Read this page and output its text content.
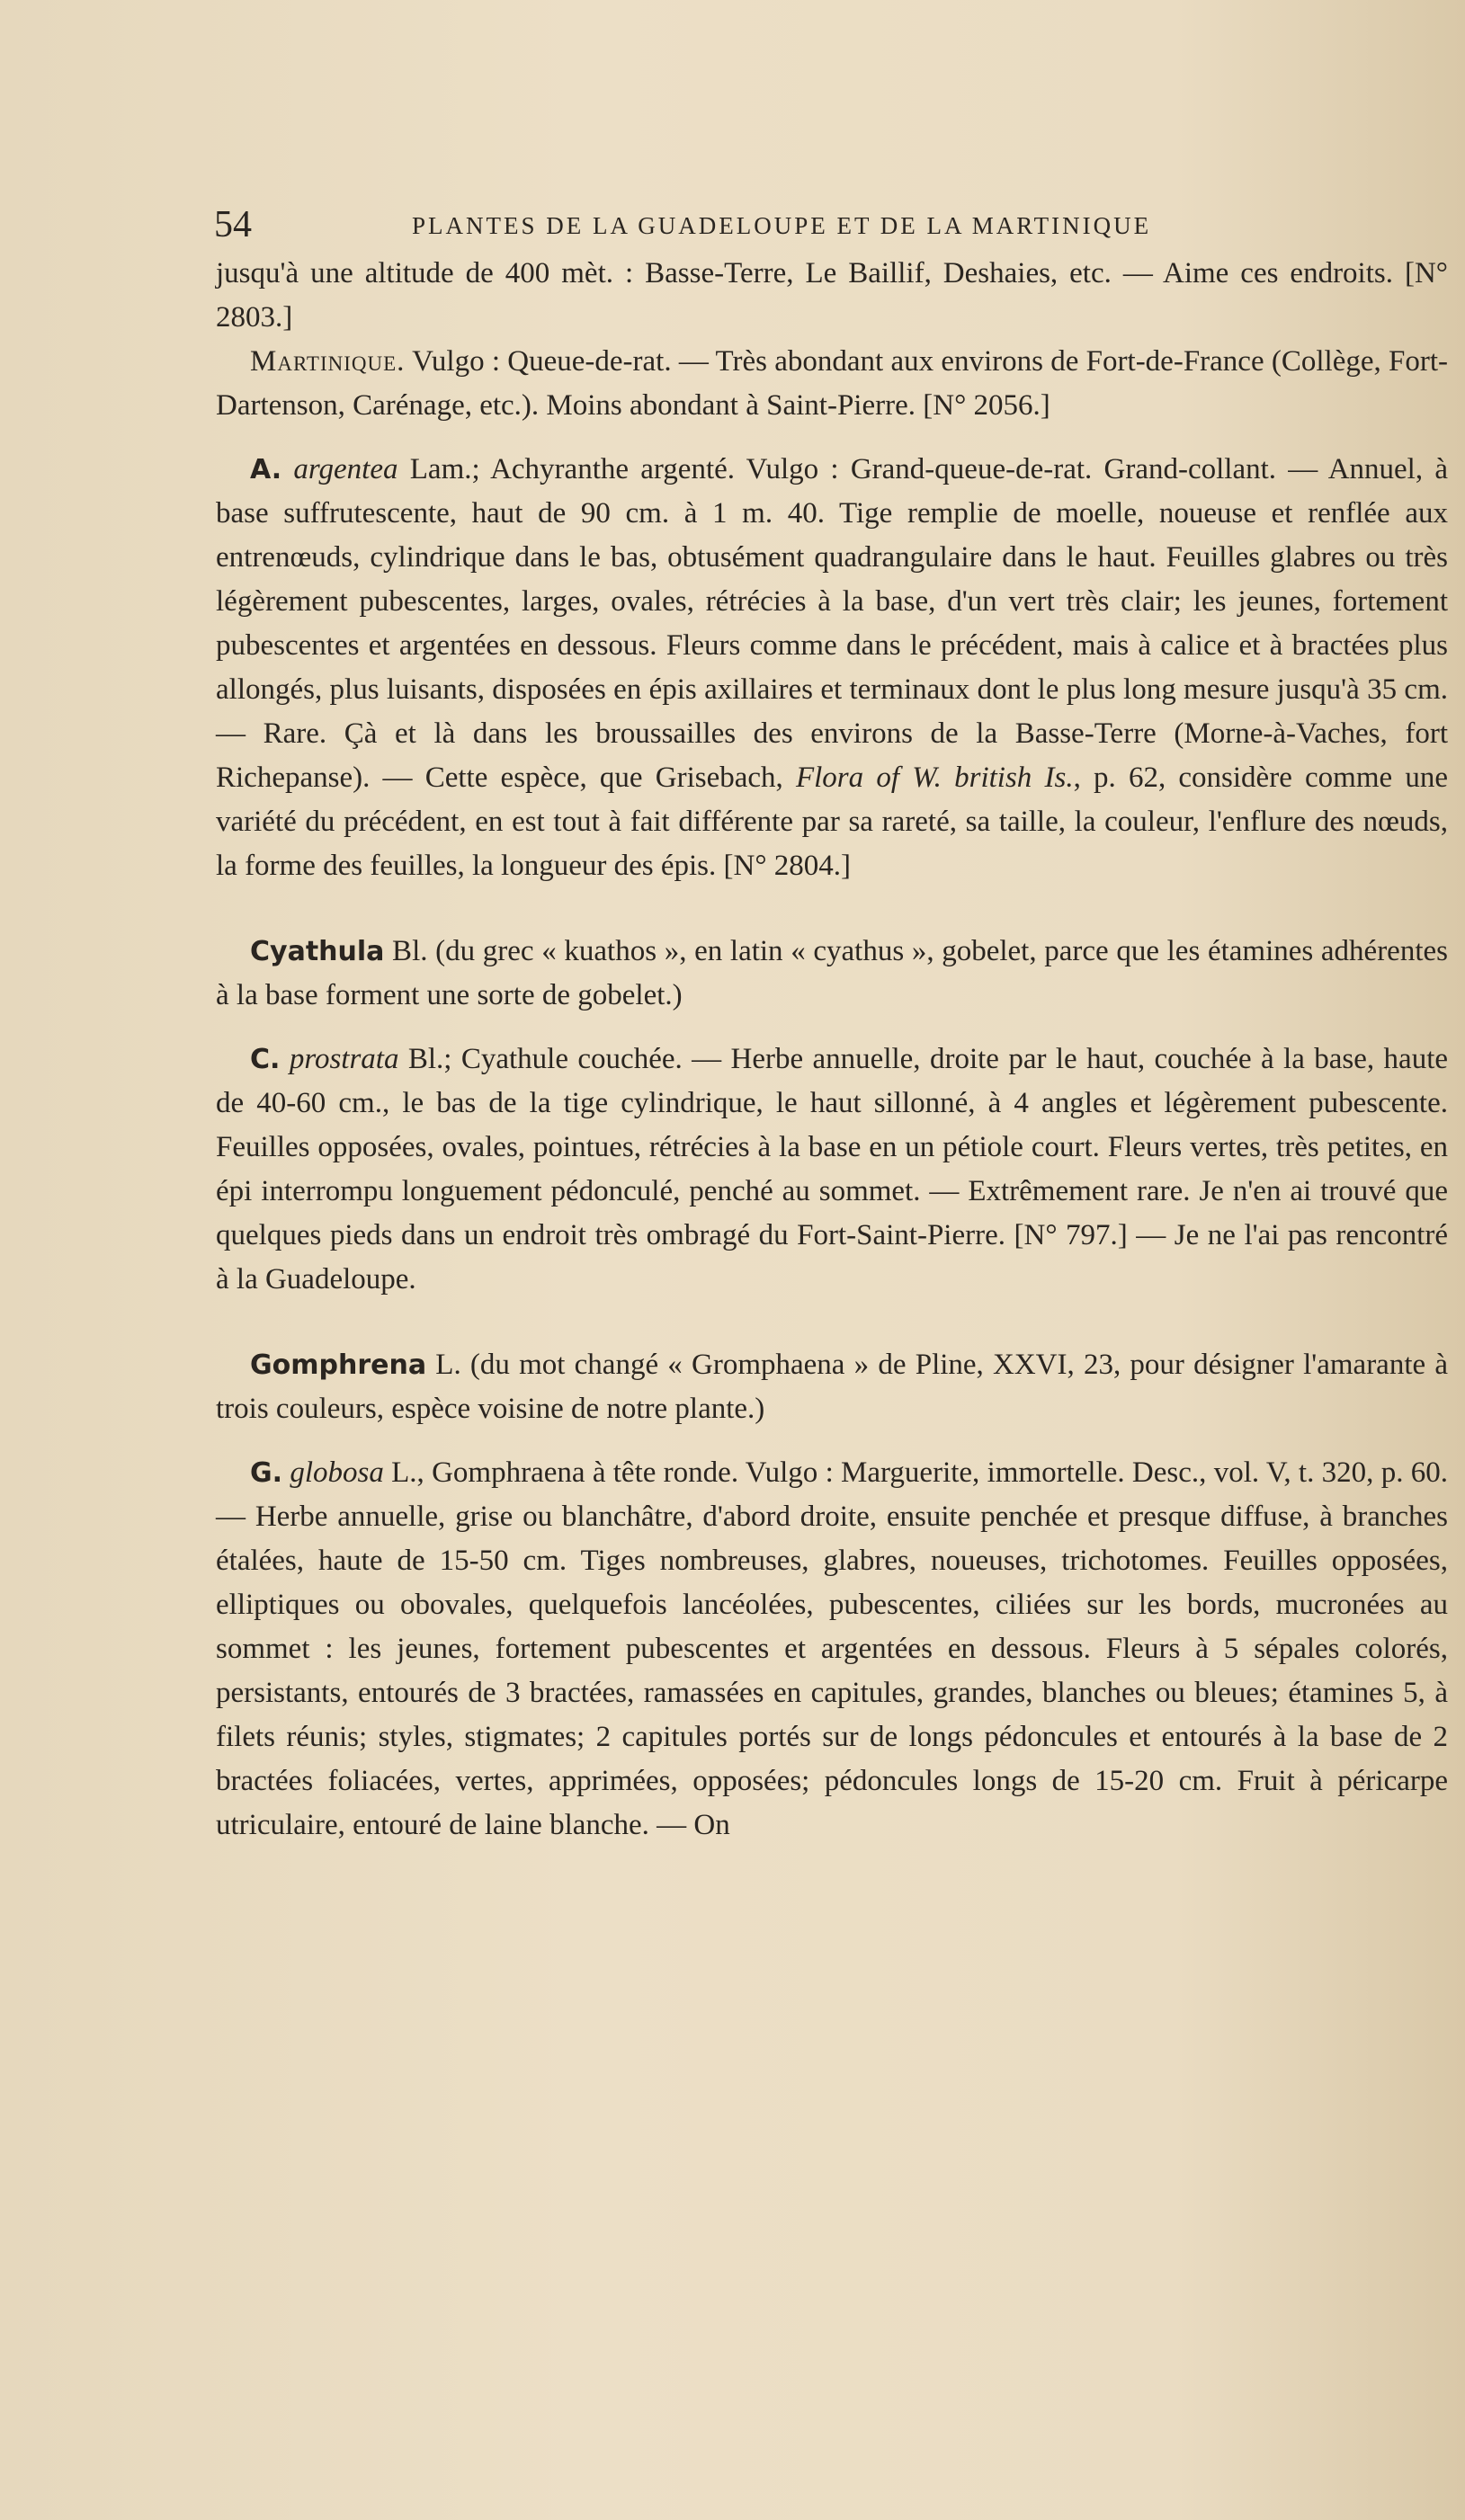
54	PLANTES DE LA GUADELOUPE ET DE LA MARTINIQUE

jusqu'à une altitude de 400 mèt. : Basse-Terre, Le Baillif, Deshaies, etc. — Aime ces endroits. [N° 2803.]

Martinique. Vulgo : Queue-de-rat. — Très abondant aux environs de Fort-de-France (Collège, Fort-Dartenson, Carénage, etc.). Moins abondant à Saint-Pierre. [N° 2056.]

A. argentea Lam.; Achyranthe argenté. Vulgo : Grand-queue-de-rat. Grand-collant. — Annuel, à base suffrutescente, haut de 90 cm. à 1 m. 40. Tige remplie de moelle, noueuse et renflée aux entrenœuds, cylindrique dans le bas, obtusément quadrangulaire dans le haut. Feuilles glabres ou très légèrement pubescentes, larges, ovales, rétrécies à la base, d'un vert très clair; les jeunes, fortement pubescentes et argentées en dessous. Fleurs comme dans le précédent, mais à calice et à bractées plus allongés, plus luisants, disposées en épis axillaires et terminaux dont le plus long mesure jusqu'à 35 cm. — Rare. Çà et là dans les broussailles des environs de la Basse-Terre (Morne-à-Vaches, fort Richepanse). — Cette espèce, que Grisebach, Flora of W. british Is., p. 62, considère comme une variété du précédent, en est tout à fait différente par sa rareté, sa taille, la couleur, l'enflure des nœuds, la forme des feuilles, la longueur des épis. [N° 2804.]

Cyathula Bl. (du grec « kuathos », en latin « cyathus », gobelet, parce que les étamines adhérentes à la base forment une sorte de gobelet.)

C. prostrata Bl.; Cyathule couchée. — Herbe annuelle, droite par le haut, couchée à la base, haute de 40-60 cm., le bas de la tige cylindrique, le haut sillonné, à 4 angles et légèrement pubescente. Feuilles opposées, ovales, pointues, rétrécies à la base en un pétiole court. Fleurs vertes, très petites, en épi interrompu longuement pédonculé, penché au sommet. — Extrêmement rare. Je n'en ai trouvé que quelques pieds dans un endroit très ombragé du Fort-Saint-Pierre. [N° 797.] — Je ne l'ai pas rencontré à la Guadeloupe.

Gomphrena L. (du mot changé « Gromphaena » de Pline, XXVI, 23, pour désigner l'amarante à trois couleurs, espèce voisine de notre plante.)

G. globosa L., Gomphraena à tête ronde. Vulgo : Marguerite, immortelle. Desc., vol. V, t. 320, p. 60. — Herbe annuelle, grise ou blanchâtre, d'abord droite, ensuite penchée et presque diffuse, à branches étalées, haute de 15-50 cm. Tiges nombreuses, glabres, noueuses, trichotomes. Feuilles opposées, elliptiques ou obovales, quelquefois lancéolées, pubescentes, ciliées sur les bords, mucronées au sommet : les jeunes, fortement pubescentes et argentées en dessous. Fleurs à 5 sépales colorés, persistants, entourés de 3 bractées, ramassées en capitules, grandes, blanches ou bleues; étamines 5, à filets réunis; styles, stigmates; 2 capitules portés sur de longs pédoncules et entourés à la base de 2 bractées foliacées, vertes, apprimées, opposées; pédoncules longs de 15-20 cm. Fruit à péricarpe utriculaire, entouré de laine blanche. — On
